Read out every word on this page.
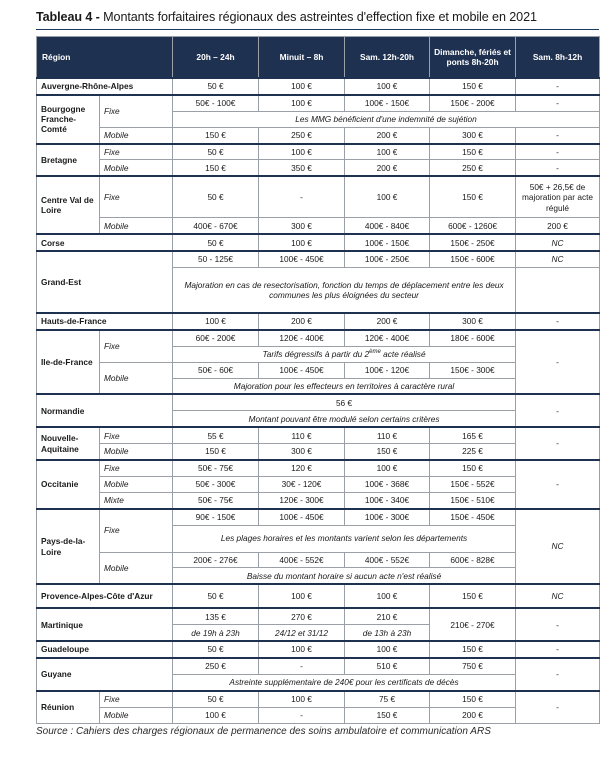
Tableau 4 - Montants forfaitaires régionaux des astreintes d'effection fixe et mobile en 2021
Région		20h – 24h	Minuit – 8h	Sam. 12h-20h	Dimanche, fériés et ponts 8h-20h	Sam. 8h-12h
Auvergne-Rhône-Alpes		50 €	100 €	100 €	150 €	-
Bourgogne Franche-Comté	Fixe	50€ - 100€	100 €	100€ - 150€	150€ - 200€	-
		Les MMG bénéficient d'une indemnité de sujétion				
	Mobile	150 €	250 €	200 €	300 €	-
Bretagne	Fixe	50 €	100 €	100 €	150 €	-
	Mobile	150 €	350 €	200 €	250 €	-
Centre Val de Loire	Fixe	50 €	-	100 €	150 €	50€ + 26,5€ de majoration par acte régulé
	Mobile	400€ - 670€	300 €	400€ - 840€	600€ - 1260€	200 €
Corse		50 €	100 €	100€ - 150€	150€ - 250€	NC
Grand-Est		50 - 125€	100€ - 450€	100€ - 250€	150€ - 600€	NC
		Majoration en cas de resectorisation, fonction du temps de déplacement entre les deux communes les plus éloignées du secteur				
Hauts-de-France		100 €	200 €	200 €	300 €	-
Ile-de-France	Fixe	60€ - 200€	120€ - 400€	120€ - 400€	180€ - 600€	-
		Tarifs dégressifs à partir du 2ème acte réalisé				
	Mobile	50€ - 60€	100€ - 450€	100€ - 120€	150€ - 300€	
		Majoration pour les effecteurs en territoires à caractère rural				
Normandie		56 €				-
		Montant pouvant être modulé selon certains critères				
Nouvelle-Aquitaine	Fixe	55 €	110 €	110 €	165 €	-
	Mobile	150 €	300 €	150 €	225 €	
Occitanie	Fixe	50€ - 75€	120 €	100 €	150 €	-
	Mobile	50€ - 300€	30€ - 120€	100€ - 368€	150€ - 552€	
	Mixte	50€ - 75€	120€ - 300€	100€ - 340€	150€ - 510€	
Pays-de-la-Loire	Fixe	90€ - 150€	100€ - 450€	100€ - 300€	150€ - 450€	NC
		Les plages horaires et les montants varient selon les départements				
	Mobile	200€ - 276€	400€ - 552€	400€ - 552€	600€ - 828€	
		Baisse du montant horaire si aucun acte n'est réalisé				
Provence-Alpes-Côte d'Azur		50 €	100 €	100 €	150 €	NC
Martinique		135 €	270 €	210 €	210€ - 270€	-
		de 19h à 23h	24/12 et 31/12	de 13h à 23h		
Guadeloupe		50 €	100 €	100 €	150 €	-
Guyane		250 €	-	510 €	750 €	-
		Astreinte supplémentaire de 240€ pour les certificats de décès				
Réunion	Fixe	50 €	100 €	75 €	150 €	-
	Mobile	100 €	-	150 €	200 €	
Source : Cahiers des charges régionaux de permanence des soins ambulatoire et communication ARS
